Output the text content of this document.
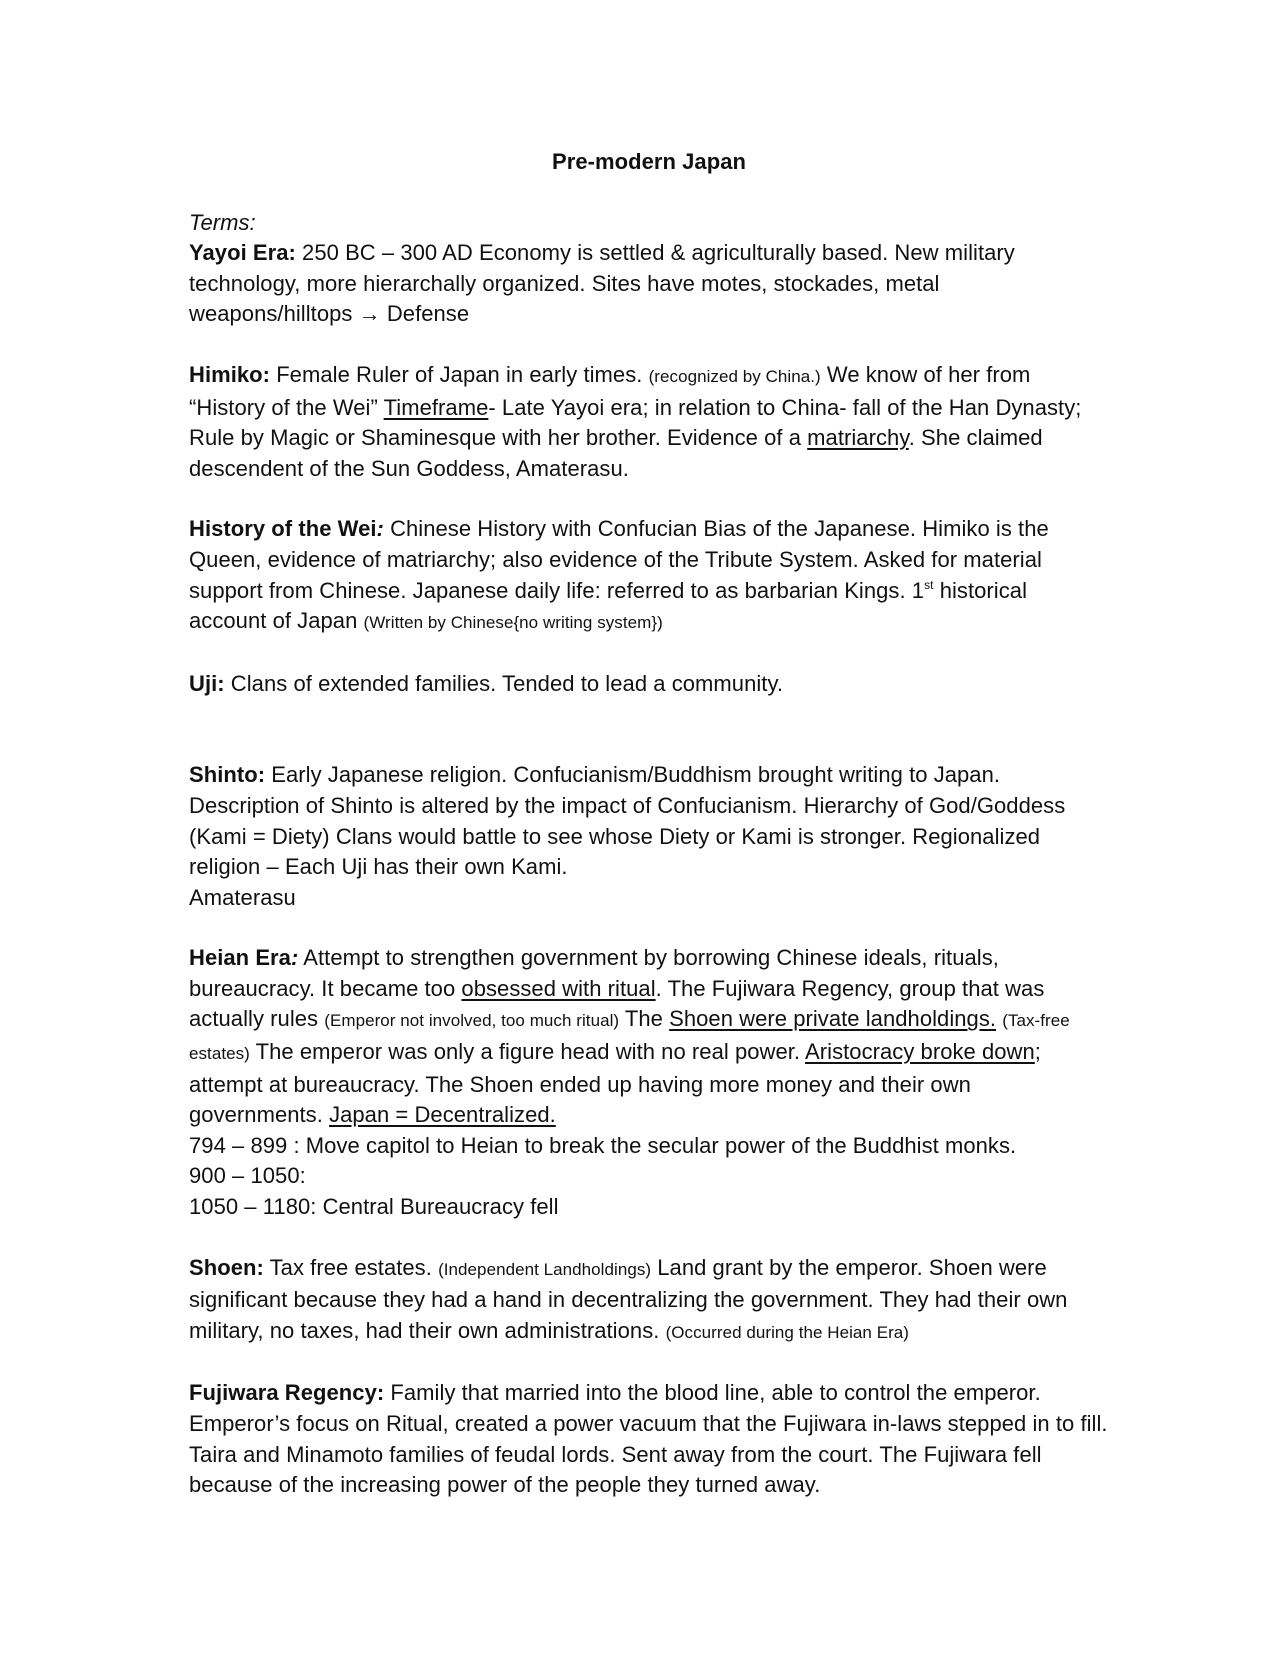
Pre-modern Japan

Terms:

Yayoi Era: 250 BC – 300 AD Economy is settled & agriculturally based. New military technology, more hierarchally organized. Sites have motes, stockades, metal weapons/hilltops → Defense

Himiko: Female Ruler of Japan in early times. (recognized by China.) We know of her from “History of the Wei” Timeframe- Late Yayoi era; in relation to China- fall of the Han Dynasty; Rule by Magic or Shaminesque with her brother. Evidence of a matriarchy. She claimed descendent of the Sun Goddess, Amaterasu.

History of the Wei: Chinese History with Confucian Bias of the Japanese. Himiko is the Queen, evidence of matriarchy; also evidence of the Tribute System. Asked for material support from Chinese. Japanese daily life: referred to as barbarian Kings. 1st historical account of Japan (Written by Chinese{no writing system})

Uji: Clans of extended families. Tended to lead a community.

Shinto: Early Japanese religion. Confucianism/Buddhism brought writing to Japan. Description of Shinto is altered by the impact of Confucianism. Hierarchy of God/Goddess (Kami = Diety) Clans would battle to see whose Diety or Kami is stronger. Regionalized religion – Each Uji has their own Kami.

Amaterasu

Heian Era: Attempt to strengthen government by borrowing Chinese ideals, rituals, bureaucracy. It became too obsessed with ritual. The Fujiwara Regency, group that was actually rules (Emperor not involved, too much ritual) The Shoen were private landholdings. (Tax-free estates) The emperor was only a figure head with no real power. Aristocracy broke down; attempt at bureaucracy. The Shoen ended up having more money and their own governments. Japan = Decentralized.

794 – 899 : Move capitol to Heian to break the secular power of the Buddhist monks.

900 – 1050:

1050 – 1180: Central Bureaucracy fell

Shoen: Tax free estates. (Independent Landholdings) Land grant by the emperor. Shoen were significant because they had a hand in decentralizing the government. They had their own military, no taxes, had their own administrations. (Occurred during the Heian Era)

Fujiwara Regency: Family that married into the blood line, able to control the emperor. Emperor’s focus on Ritual, created a power vacuum that the Fujiwara in-laws stepped in to fill. Taira and Minamoto families of feudal lords. Sent away from the court. The Fujiwara fell because of the increasing power of the people they turned away.
